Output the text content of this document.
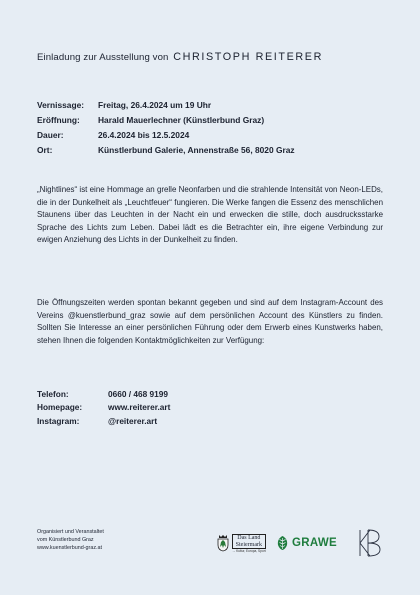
Einladung zur Ausstellung von CHRISTOPH REITERER
Vernissage:	Freitag, 26.4.2024 um 19 Uhr
Eröffnung:	Harald Mauerlechner (Künstlerbund Graz)
Dauer:	26.4.2024 bis 12.5.2024
Ort:	Künstlerbund Galerie, Annenstraße 56, 8020 Graz

„Nightlines“ ist eine Hommage an grelle Neonfarben und die strahlende Intensität von Neon-LEDs, die in der Dunkelheit als „Leuchtfeuer“ fungieren. Die Werke fangen die Essenz des menschlichen Staunens über das Leuchten in der Nacht ein und erwecken die stille, doch ausdrucksstarke Sprache des Lichts zum Leben. Dabei lädt es die Betrachter ein, ihre eigene Verbindung zur ewigen Anziehung des Lichts in der Dunkelheit zu finden.

Die Öffnungszeiten werden spontan bekannt gegeben und sind auf dem Instagram-Account des Vereins @kuenstlerbund_graz sowie auf dem persönlichen Account des Künstlers zu finden. Sollten Sie Interesse an einer persönlichen Führung oder dem Erwerb eines Kunstwerks haben, stehen Ihnen die folgenden Kontaktmöglichkeiten zur Verfügung:

Telefon:	0660 / 468 9199
Homepage:	www.reiterer.art
Instagram:	@reiterer.art
Organisiert und Veranstaltet
vom Künstlerbund Graz
www.kuenstlerbund-graz.at
Das Land
Steiermark
→ Kultur, Europa, Sport
GRAWE
